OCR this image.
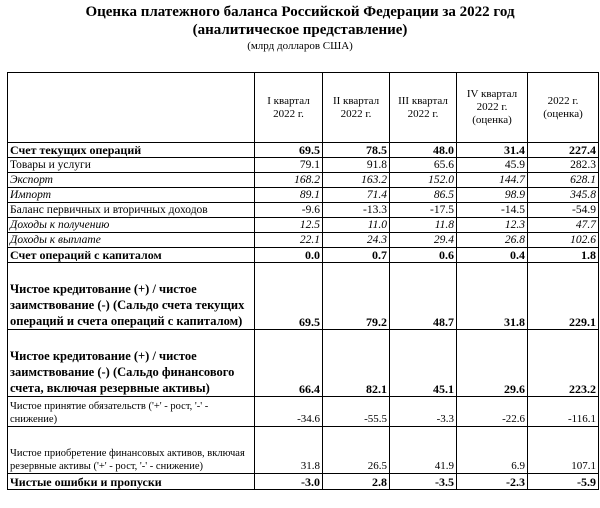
Оценка платежного баланса Российской Федерации за 2022 год
(аналитическое представление)
(млрд долларов США)
	I квартал 2022 г.	II квартал 2022 г.	III квартал 2022 г.	IV квартал 2022 г. (оценка)	2022 г. (оценка)
Счет текущих операций	69.5	78.5	48.0	31.4	227.4
Товары и услуги	79.1	91.8	65.6	45.9	282.3
Экспорт	168.2	163.2	152.0	144.7	628.1
Импорт	89.1	71.4	86.5	98.9	345.8
Баланс первичных и вторичных доходов	-9.6	-13.3	-17.5	-14.5	-54.9
Доходы к получению	12.5	11.0	11.8	12.3	47.7
Доходы к выплате	22.1	24.3	29.4	26.8	102.6
Счет операций с капиталом	0.0	0.7	0.6	0.4	1.8
Чистое кредитование (+) / чистое заимствование (-) (Сальдо счета текущих операций и счета операций с капиталом)	69.5	79.2	48.7	31.8	229.1
Чистое кредитование (+) / чистое заимствование (-) (Сальдо финансового счета, включая резервные активы)	66.4	82.1	45.1	29.6	223.2
Чистое принятие обязательств ('+' - рост, '-' - снижение)	-34.6	-55.5	-3.3	-22.6	-116.1
Чистое приобретение финансовых активов, включая резервные активы ('+' - рост, '-' - снижение)	31.8	26.5	41.9	6.9	107.1
Чистые ошибки и пропуски	-3.0	2.8	-3.5	-2.3	-5.9
